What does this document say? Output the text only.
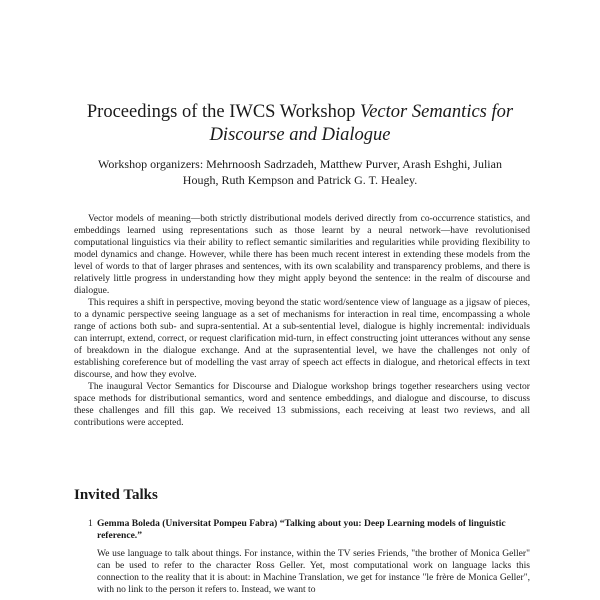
Proceedings of the IWCS Workshop Vector Semantics for Discourse and Dialogue

Workshop organizers: Mehrnoosh Sadrzadeh, Matthew Purver, Arash Eshghi, Julian Hough, Ruth Kempson and Patrick G. T. Healey.

Vector models of meaning—both strictly distributional models derived directly from co-occurrence statistics, and embeddings learned using representations such as those learnt by a neural network—have revolutionised computational linguistics via their ability to reflect semantic similarities and regularities while providing flexibility to model dynamics and change. However, while there has been much recent interest in extending these models from the level of words to that of larger phrases and sentences, with its own scalability and transparency problems, and there is relatively little progress in understanding how they might apply beyond the sentence: in the realm of discourse and dialogue.

This requires a shift in perspective, moving beyond the static word/sentence view of language as a jigsaw of pieces, to a dynamic perspective seeing language as a set of mechanisms for interaction in real time, encompassing a whole range of actions both sub- and supra-sentential. At a sub-sentential level, dialogue is highly incremental: individuals can interrupt, extend, correct, or request clarification mid-turn, in effect constructing joint utterances without any sense of breakdown in the dialogue exchange. And at the suprasentential level, we have the challenges not only of establishing coreference but of modelling the vast array of speech act effects in dialogue, and rhetorical effects in text discourse, and how they evolve.

The inaugural Vector Semantics for Discourse and Dialogue workshop brings together researchers using vector space methods for distributional semantics, word and sentence embeddings, and dialogue and discourse, to discuss these challenges and fill this gap. We received 13 submissions, each receiving at least two reviews, and all contributions were accepted.

Invited Talks

1 Gemma Boleda (Universitat Pompeu Fabra) “Talking about you: Deep Learning models of linguistic reference.”

We use language to talk about things. For instance, within the TV series Friends, "the brother of Monica Geller" can be used to refer to the character Ross Geller. Yet, most computational work on language lacks this connection to the reality that it is about: in Machine Translation, we get for instance "le frère de Monica Geller", with no link to the person it refers to. Instead, we want to
